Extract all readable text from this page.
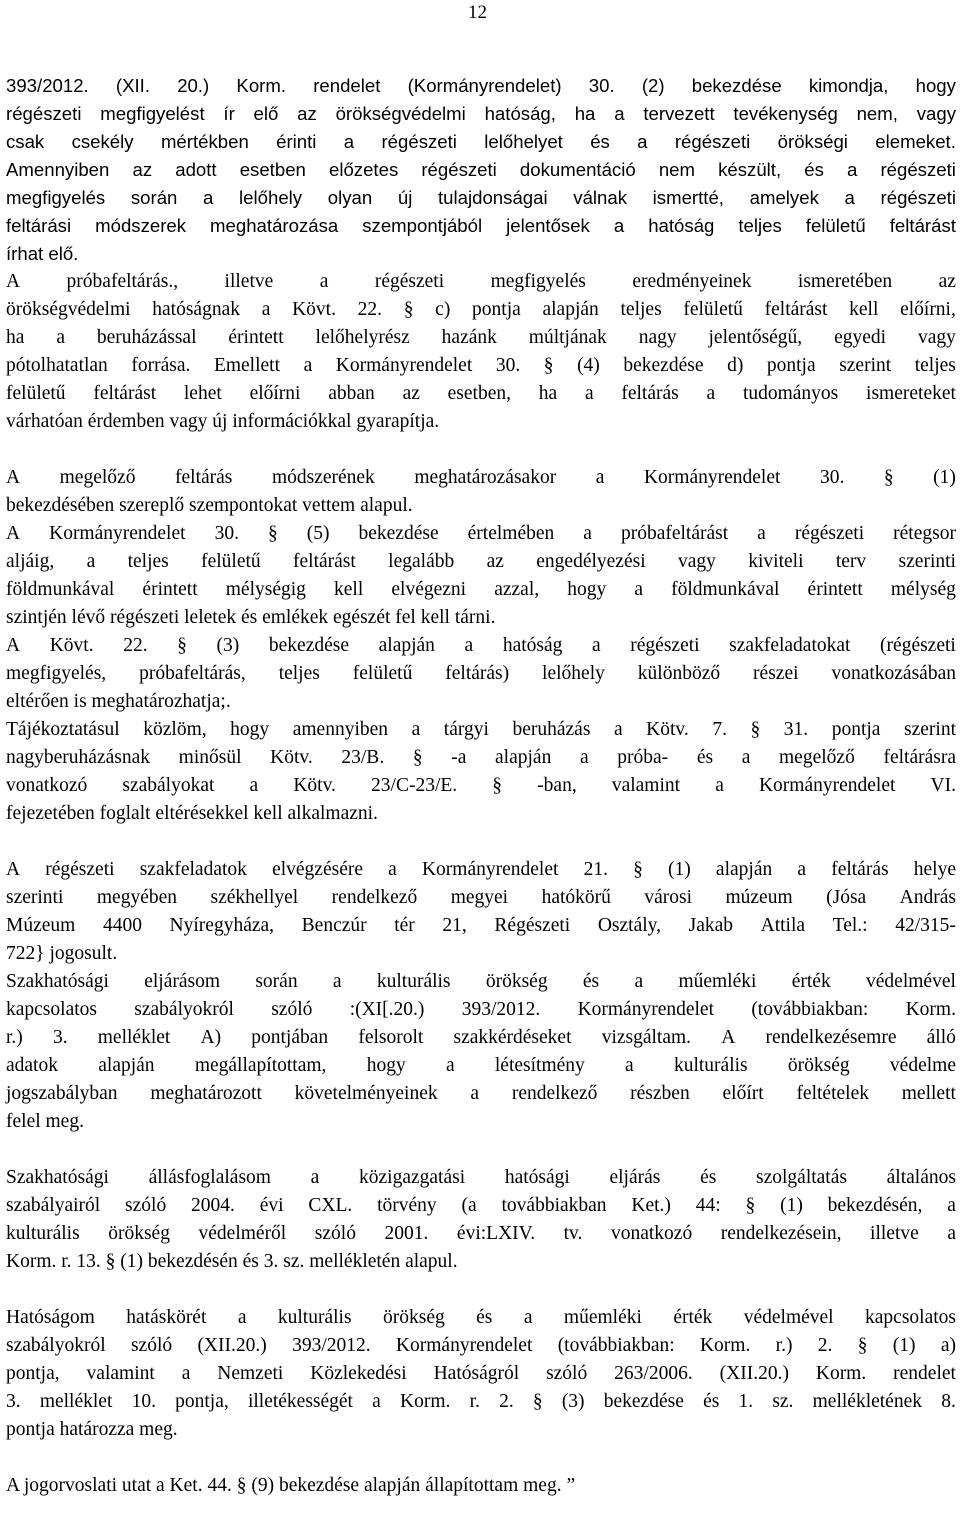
12
393/2012. (XII. 20.) Korm. rendelet (Kormányrendelet) 30. (2) bekezdése kimondja, hogy
régészeti megfigyelést ír elő az örökségvédelmi hatóság, ha a tervezett tevékenység nem, vagy
csak csekély mértékben érinti a régészeti lelőhelyet és a régészeti örökségi elemeket.
Amennyiben az adott esetben előzetes régészeti dokumentáció nem készült, és a régészeti
megfigyelés során a lelőhely olyan új tulajdonságai válnak ismertté, amelyek a régészeti
feltárási módszerek meghatározása szempontjából jelentősek a hatóság teljes felületű feltárást
írhat elő.
A próbafeltárás., illetve a régészeti megfigyelés eredményeinek ismeretében az
örökségvédelmi hatóságnak a Kövt. 22. § c) pontja alapján teljes felületű feltárást kell előírni,
ha a beruházással érintett lelőhelyrész hazánk múltjának nagy jelentőségű, egyedi vagy
pótolhatatlan forrása. Emellett a Kormányrendelet 30. § (4) bekezdése d) pontja szerint teljes
felületű feltárást lehet előírni abban az esetben, ha a feltárás a tudományos ismereteket
várhatóan érdemben vagy új információkkal gyarapítja.
A megelőző feltárás módszerének meghatározásakor a Kormányrendelet 30. § (1)
bekezdésében szereplő szempontokat vettem alapul.
A Kormányrendelet 30. § (5) bekezdése értelmében a próbafeltárást a régészeti rétegsor
aljáig, a teljes felületű feltárást legalább az engedélyezési vagy kiviteli terv szerinti
földmunkával érintett mélységig kell elvégezni azzal, hogy a földmunkával érintett mélység
szintjén lévő régészeti leletek és emlékek egészét fel kell tárni.
A Kövt. 22. § (3) bekezdése alapján a hatóság a régészeti szakfeladatokat (régészeti
megfigyelés, próbafeltárás, teljes felületű feltárás) lelőhely különböző részei vonatkozásában
eltérően is meghatározhatja;.
Tájékoztatásul közlöm, hogy amennyiben a tárgyi beruházás a Kötv. 7. § 31. pontja szerint
nagyberuházásnak minősül Kötv. 23/B. § -a alapján a próba- és a megelőző feltárásra
vonatkozó szabályokat a Kötv. 23/C-23/E. § -ban, valamint a Kormányrendelet VI.
fejezetében foglalt eltérésekkel kell alkalmazni.
A régészeti szakfeladatok elvégzésére a Kormányrendelet 21. § (1) alapján a feltárás helye
szerinti megyében székhellyel rendelkező megyei hatókörű városi múzeum (Jósa András
Múzeum 4400 Nyíregyháza, Benczúr tér 21, Régészeti Osztály, Jakab Attila Tel.: 42/315-
722} jogosult.
Szakhatósági eljárásom során a kulturális örökség és a műemléki érték védelmével
kapcsolatos szabályokról szóló :(XI[.20.) 393/2012. Kormányrendelet (továbbiakban: Korm.
r.) 3. melléklet A) pontjában felsorolt szakkérdéseket vizsgáltam. A rendelkezésemre álló
adatok alapján megállapítottam, hogy a létesítmény a kulturális örökség védelme
jogszabályban meghatározott követelményeinek a rendelkező részben előírt feltételek mellett
felel meg.
Szakhatósági állásfoglalásom a közigazgatási hatósági eljárás és szolgáltatás általános
szabályairól szóló 2004. évi CXL. törvény (a továbbiakban Ket.) 44: § (1) bekezdésén, a
kulturális örökség védelméről szóló 2001. évi:LXIV. tv. vonatkozó rendelkezésein, illetve a
Korm. r. 13. § (1) bekezdésén és 3. sz. mellékletén alapul.
Hatóságom hatáskörét a kulturális örökség és a műemléki érték védelmével kapcsolatos
szabályokról szóló (XII.20.) 393/2012. Kormányrendelet (továbbiakban: Korm. r.) 2. § (1) a)
pontja, valamint a Nemzeti Közlekedési Hatóságról szóló 263/2006. (XII.20.) Korm. rendelet
3. melléklet 10. pontja, illetékességét a Korm. r. 2. § (3) bekezdése és 1. sz. mellékletének 8.
pontja határozza meg.
A jogorvoslati utat a Ket. 44. § (9) bekezdése alapján állapítottam meg. ”
